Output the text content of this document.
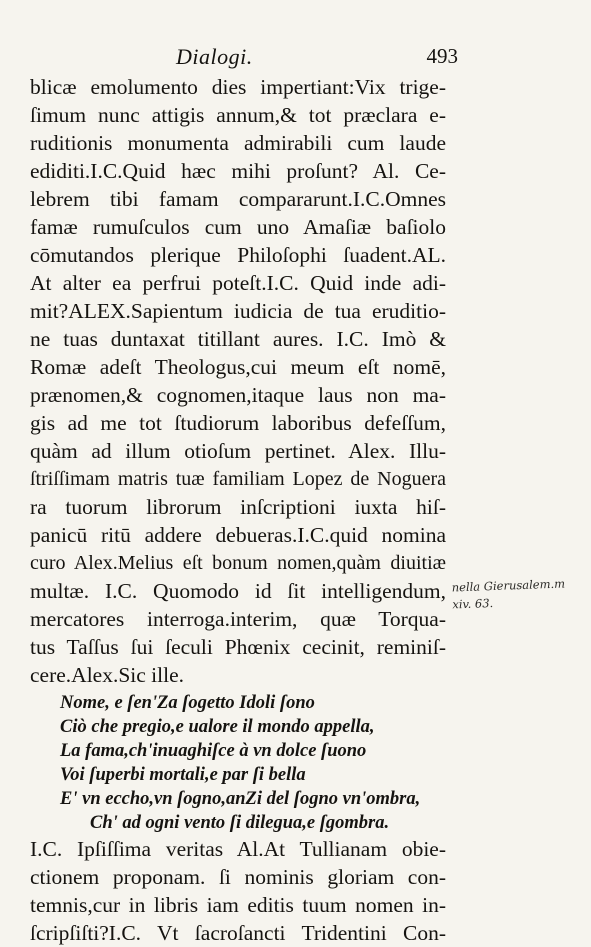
Dialogi.	493
blicæ emolumento dies impertiant:Vix trige-
ſimum nunc attigis annum,& tot præclara e-
ruditionis monumenta admirabili cum laude
ediditi.I.C.Quid hæc mihi proſunt? Al. Ce-
lebrem tibi famam compararunt.I.C.Omnes
famæ rumuſculos cum uno Amaſiæ baſiolo
cōmutandos plerique Philoſophi ſuadent.AL.
At alter ea perfrui poteſt.I.C. Quid inde adi-
mit?ALEX.Sapientum iudicia de tua eruditio-
ne tuas duntaxat titillant aures. I.C. Imò &
Romæ adeſt Theologus,cui meum eſt nomē,
prænomen,& cognomen,itaque laus non ma-
gis ad me tot ſtudiorum laboribus defeſſum,
quàm ad illum otioſum pertinet. Alex. Illu-
ſtriſſimam matris tuæ familiam Lopez de Noguera
ra tuorum librorum inſcriptioni iuxta hiſ-
panicū ritū addere debueras.I.C.quid nomina
curo Alex.Melius eſt bonum nomen,quàm diuitiæ
multæ. I.C. Quomodo id ſit intelligendum,
mercatores interroga.interim, quæ Torqua-
tus Taſſus ſui ſeculi Phœnix cecinit, reminiſ-
cere.Alex.Sic ille.
Nome, e ſen'Za ſogetto Idoli ſono
Ciò che pregio,e ualore il mondo appella,
La fama,ch'inuaghiſce à vn dolce ſuono
Voi ſuperbi mortali,e par ſi bella
E' vn eccho,vn ſogno,anZi del ſogno vn'ombra,
Ch' ad ogni vento ſi dilegua,e ſgombra.
I.C. Ipſiſſima veritas Al.At Tullianam obie-
ctionem proponam. ſi nominis gloriam con-
temnis,cur in libris iam editis tuum nomen in-
ſcripſiſti?I.C. Vt ſacroſancti Tridentini Con-
nella Gierusalem.m
xiv. 63.
